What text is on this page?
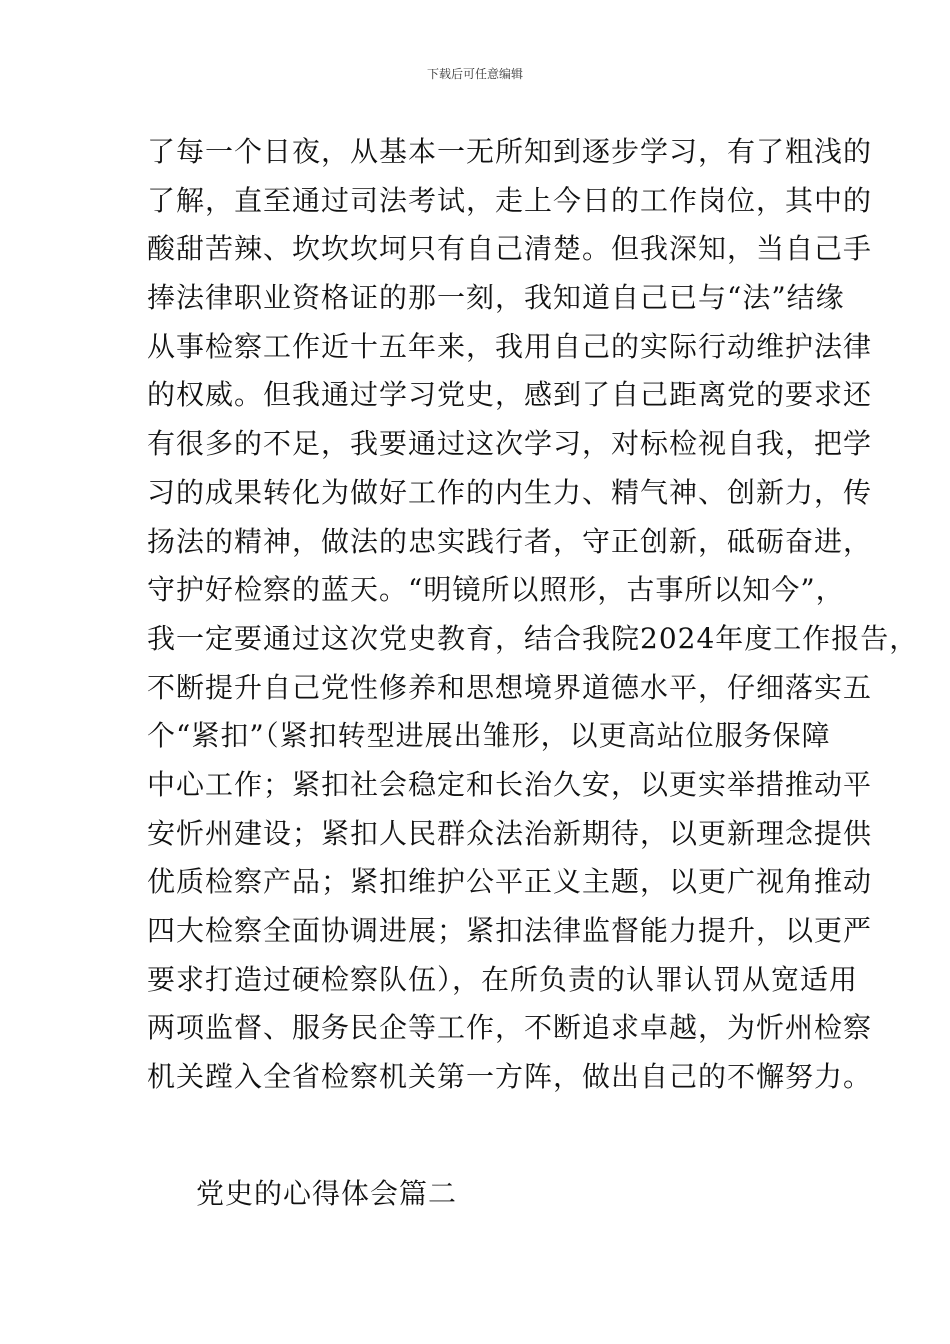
下载后可任意编辑
了每一个日夜，从基本一无所知到逐步学习，有了粗浅的
了解，直至通过司法考试，走上今日的工作岗位，其中的
酸甜苦辣、坎坎坎坷只有自己清楚。但我深知，当自己手
捧法律职业资格证的那一刻，我知道自己已与“法”结缘
从事检察工作近十五年来，我用自己的实际行动维护法律
的权威。但我通过学习党史，感到了自己距离党的要求还
有很多的不足，我要通过这次学习，对标检视自我，把学
习的成果转化为做好工作的内生力、精气神、创新力，传
扬法的精神，做法的忠实践行者，守正创新，砥砺奋进，
守护好检察的蓝天。“明镜所以照形，古事所以知今”，
我一定要通过这次党史教育，结合我院2024年度工作报告，
不断提升自己党性修养和思想境界道德水平，仔细落实五
个“紧扣”（紧扣转型进展出雏形，以更高站位服务保障
中心工作；紧扣社会稳定和长治久安，以更实举措推动平
安忻州建设；紧扣人民群众法治新期待，以更新理念提供
优质检察产品；紧扣维护公平正义主题，以更广视角推动
四大检察全面协调进展；紧扣法律监督能力提升，以更严
要求打造过硬检察队伍），在所负责的认罪认罚从宽适用
两项监督、服务民企等工作，不断追求卓越，为忻州检察
机关蹚入全省检察机关第一方阵，做出自己的不懈努力。
党史的心得体会篇二
